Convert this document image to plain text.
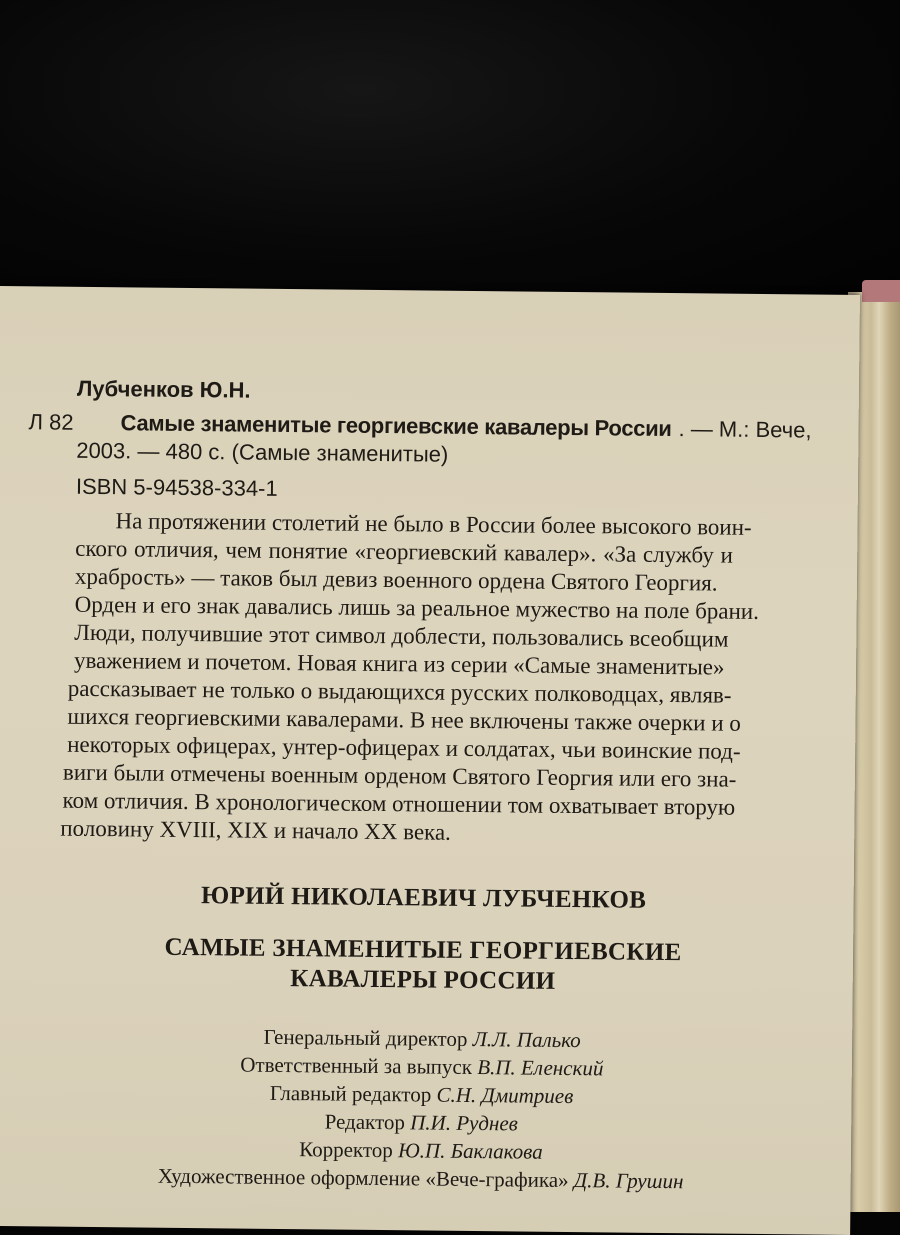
Лубченков Ю.Н.
Л 82 Самые знаменитые георгиевские кавалеры России . — М.: Вече,
2003. — 480 с. (Самые знаменитые)
ISBN 5-94538-334-1
На протяжении столетий не было в России более высокого воин-
ского отличия, чем понятие «георгиевский кавалер». «За службу и
храбрость» — таков был девиз военного ордена Святого Георгия.
Орден и его знак давались лишь за реальное мужество на поле брани.
Люди, получившие этот символ доблести, пользовались всеобщим
уважением и почетом. Новая книга из серии «Самые знаменитые»
рассказывает не только о выдающихся русских полководцах, являв-
шихся георгиевскими кавалерами. В нее включены также очерки и о
некоторых офицерах, унтер-офицерах и солдатах, чьи воинские под-
виги были отмечены военным орденом Святого Георгия или его зна-
ком отличия. В хронологическом отношении том охватывает вторую
половину XVIII, XIX и начало XX века.
ЮРИЙ НИКОЛАЕВИЧ ЛУБЧЕНКОВ
САМЫЕ ЗНАМЕНИТЫЕ ГЕОРГИЕВСКИЕ
КАВАЛЕРЫ РОССИИ
Генеральный директор Л.Л. Палько
Ответственный за выпуск В.П. Еленский
Главный редактор С.Н. Дмитриев
Редактор П.И. Руднев
Корректор Ю.П. Баклакова
Художественное оформление «Вече-графика» Д.В. Грушин
